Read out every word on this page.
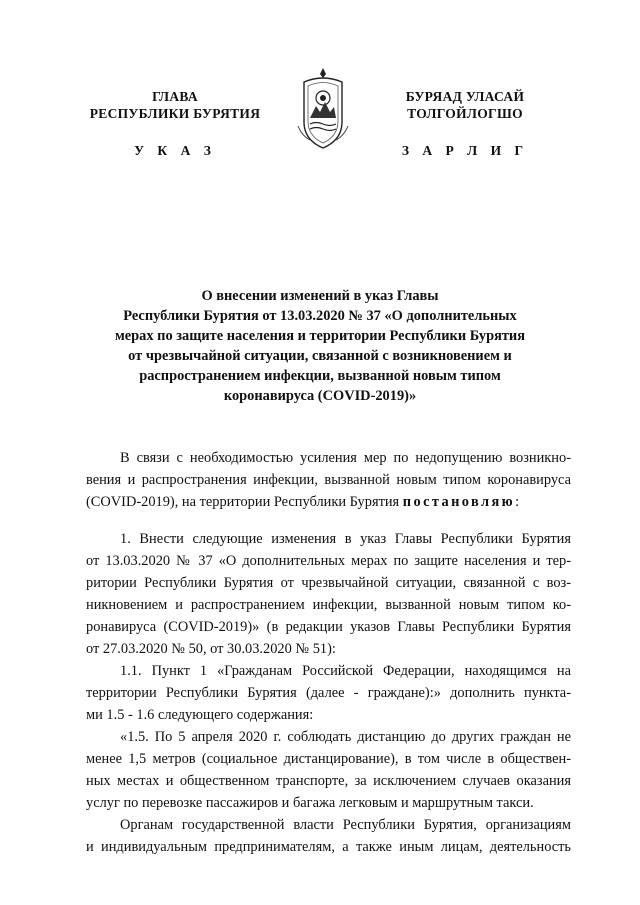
ГЛАВА
РЕСПУБЛИКИ БУРЯТИЯ
У К А З
БУРЯАД УЛАСАЙ
ТОЛГОЙЛОГШО
З А Р Л И Г
О внесении изменений в указ Главы
Республики Бурятия от 13.03.2020 № 37 «О дополнительных
мерах по защите населения и территории Республики Бурятия
от чрезвычайной ситуации, связанной с возникновением и
распространением инфекции, вызванной новым типом
коронавируса (COVID-2019)»
В связи с необходимостью усиления мер по недопущению возникно-
вения и распространения инфекции, вызванной новым типом коронавируса
(COVID-2019), на территории Республики Бурятия постановляю:
1. Внести следующие изменения в указ Главы Республики Бурятия
от 13.03.2020 № 37 «О дополнительных мерах по защите населения и тер-
ритории Республики Бурятия от чрезвычайной ситуации, связанной с воз-
никновением и распространением инфекции, вызванной новым типом ко-
ронавируса (COVID-2019)» (в редакции указов Главы Республики Бурятия
от 27.03.2020 № 50, от 30.03.2020 № 51):
1.1. Пункт 1 «Гражданам Российской Федерации, находящимся на
территории Республики Бурятия (далее - граждане):» дополнить пункта-
ми 1.5 - 1.6 следующего содержания:
«1.5. По 5 апреля 2020 г. соблюдать дистанцию до других граждан не
менее 1,5 метров (социальное дистанцирование), в том числе в обществен-
ных местах и общественном транспорте, за исключением случаев оказания
услуг по перевозке пассажиров и багажа легковым и маршрутным такси.
Органам государственной власти Республики Бурятия, организациям
и индивидуальным предпринимателям, а также иным лицам, деятельность
